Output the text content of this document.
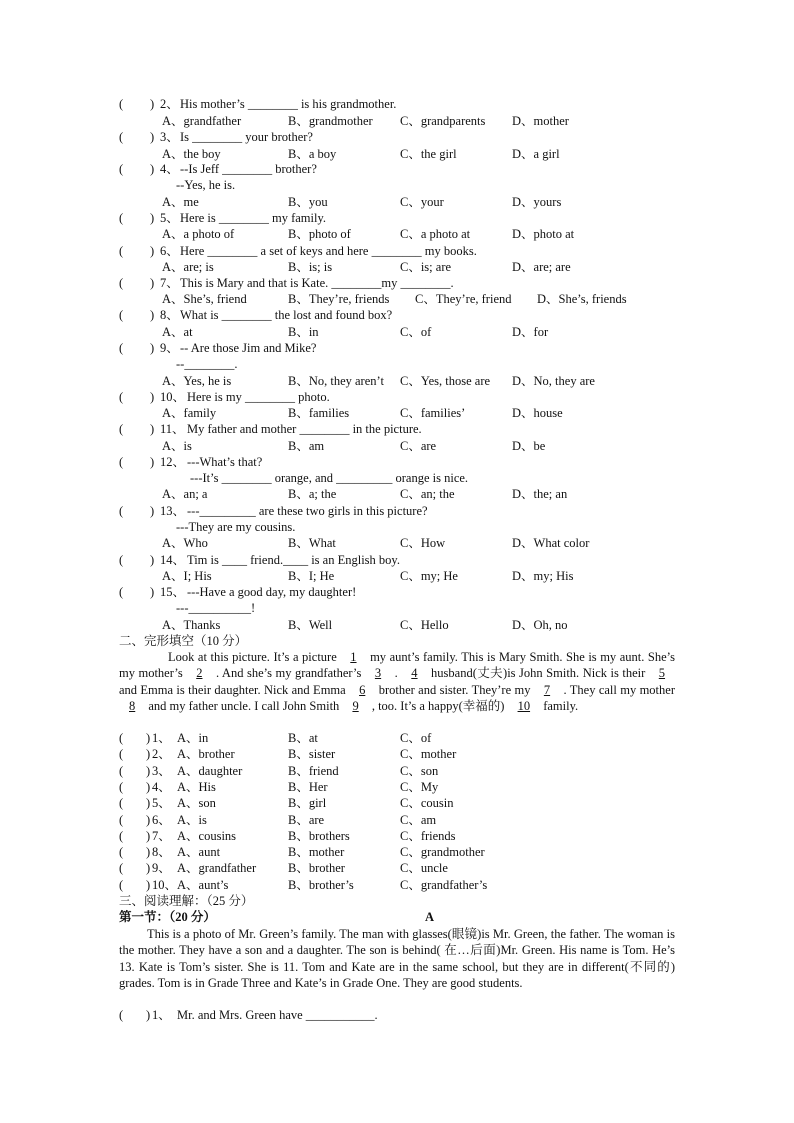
( ) 2、 His mother’s ________ is his grandmother.
A、grandfather	B、grandmother C、grandparents D、mother
( ) 3、 Is ________ your brother?
A、the boy	B、a boy	C、the girl	D、a girl
( ) 4、 --Is Jeff ________ brother?
--Yes, he is.
A、me	B、you	C、your	D、yours
( ) 5、 Here is ________ my family.
A、a photo of	B、photo of	C、a photo at	D、photo at
( ) 6、 Here ________ a set of keys and here ________ my books.
A、are; is	B、is; is	C、is; are	D、are; are
( ) 7、 This is Mary and that is Kate. ________my ________.
A、She’s, friend	B、They’re, friends C、They’re, friend D、She’s, friends
( ) 8、 What is ________ the lost and found box?
A、at	B、in	C、of	D、for
( ) 9、 -- Are those Jim and Mike?
--________.
A、Yes, he is	B、No, they aren’t C、Yes, those are D、No, they are
( ) 10、 Here is my ________ photo.
A、family	B、families	C、families’	D、house
( ) 11、 My father and mother ________ in the picture.
A、is	B、am	C、are	D、be
( ) 12、 ---What’s that?
---It’s ________ orange, and _________ orange is nice.
A、an; a	B、a; the	C、an; the	D、the; an
( ) 13、 ---_________ are these two girls in this picture?
---They are my cousins.
A、Who	B、What	C、How	D、What color
( ) 14、 Tim is ____ friend.____ is an English boy.
A、I; His	B、I; He	C、my; He	D、my; His
( ) 15、 ---Have a good day, my daughter!
---__________!
A、Thanks	B、Well	C、Hello	D、Oh, no
二、完形填空（10 分）
Look at this picture. It’s a picture 1 my aunt’s family. This is Mary Smith. She is my aunt. She’s my mother’s 2 . And she’s my grandfather’s 3 . 4 husband(丈夫)is John Smith. Nick is their 5 and Emma is their daughter. Nick and Emma 6 brother and sister. They’re my 7 . They call my mother 8 and my father uncle. I call John Smith 9 , too. It’s a happy(幸福的) 10 family.
( ) 1、 A、in	B、at	C、of
( ) 2、 A、brother	B、sister	C、mother
( ) 3、 A、daughter	B、friend	C、son
( ) 4、 A、His	B、Her	C、My
( ) 5、 A、son	B、girl	C、cousin
( ) 6、 A、is	B、are	C、am
( ) 7、 A、cousins	B、brothers	C、friends
( ) 8、 A、aunt	B、mother	C、grandmother
( ) 9、 A、grandfather	B、brother	C、uncle
( ) 10、 A、aunt’s	B、brother’s	C、grandfather’s
三、阅读理解：（25 分）
第一节：（20 分）	A
This is a photo of Mr. Green’s family. The man with glasses(眼镜)is Mr. Green, the father. The woman is the mother. They have a son and a daughter. The son is behind( 在…后面)Mr. Green. His name is Tom. He’s 13. Kate is Tom’s sister. She is 11. Tom and Kate are in the same school, but they are in different(不同的) grades. Tom is in Grade Three and Kate’s in Grade One. They are good students.
( ) 1、 Mr. and Mrs. Green have ___________.
